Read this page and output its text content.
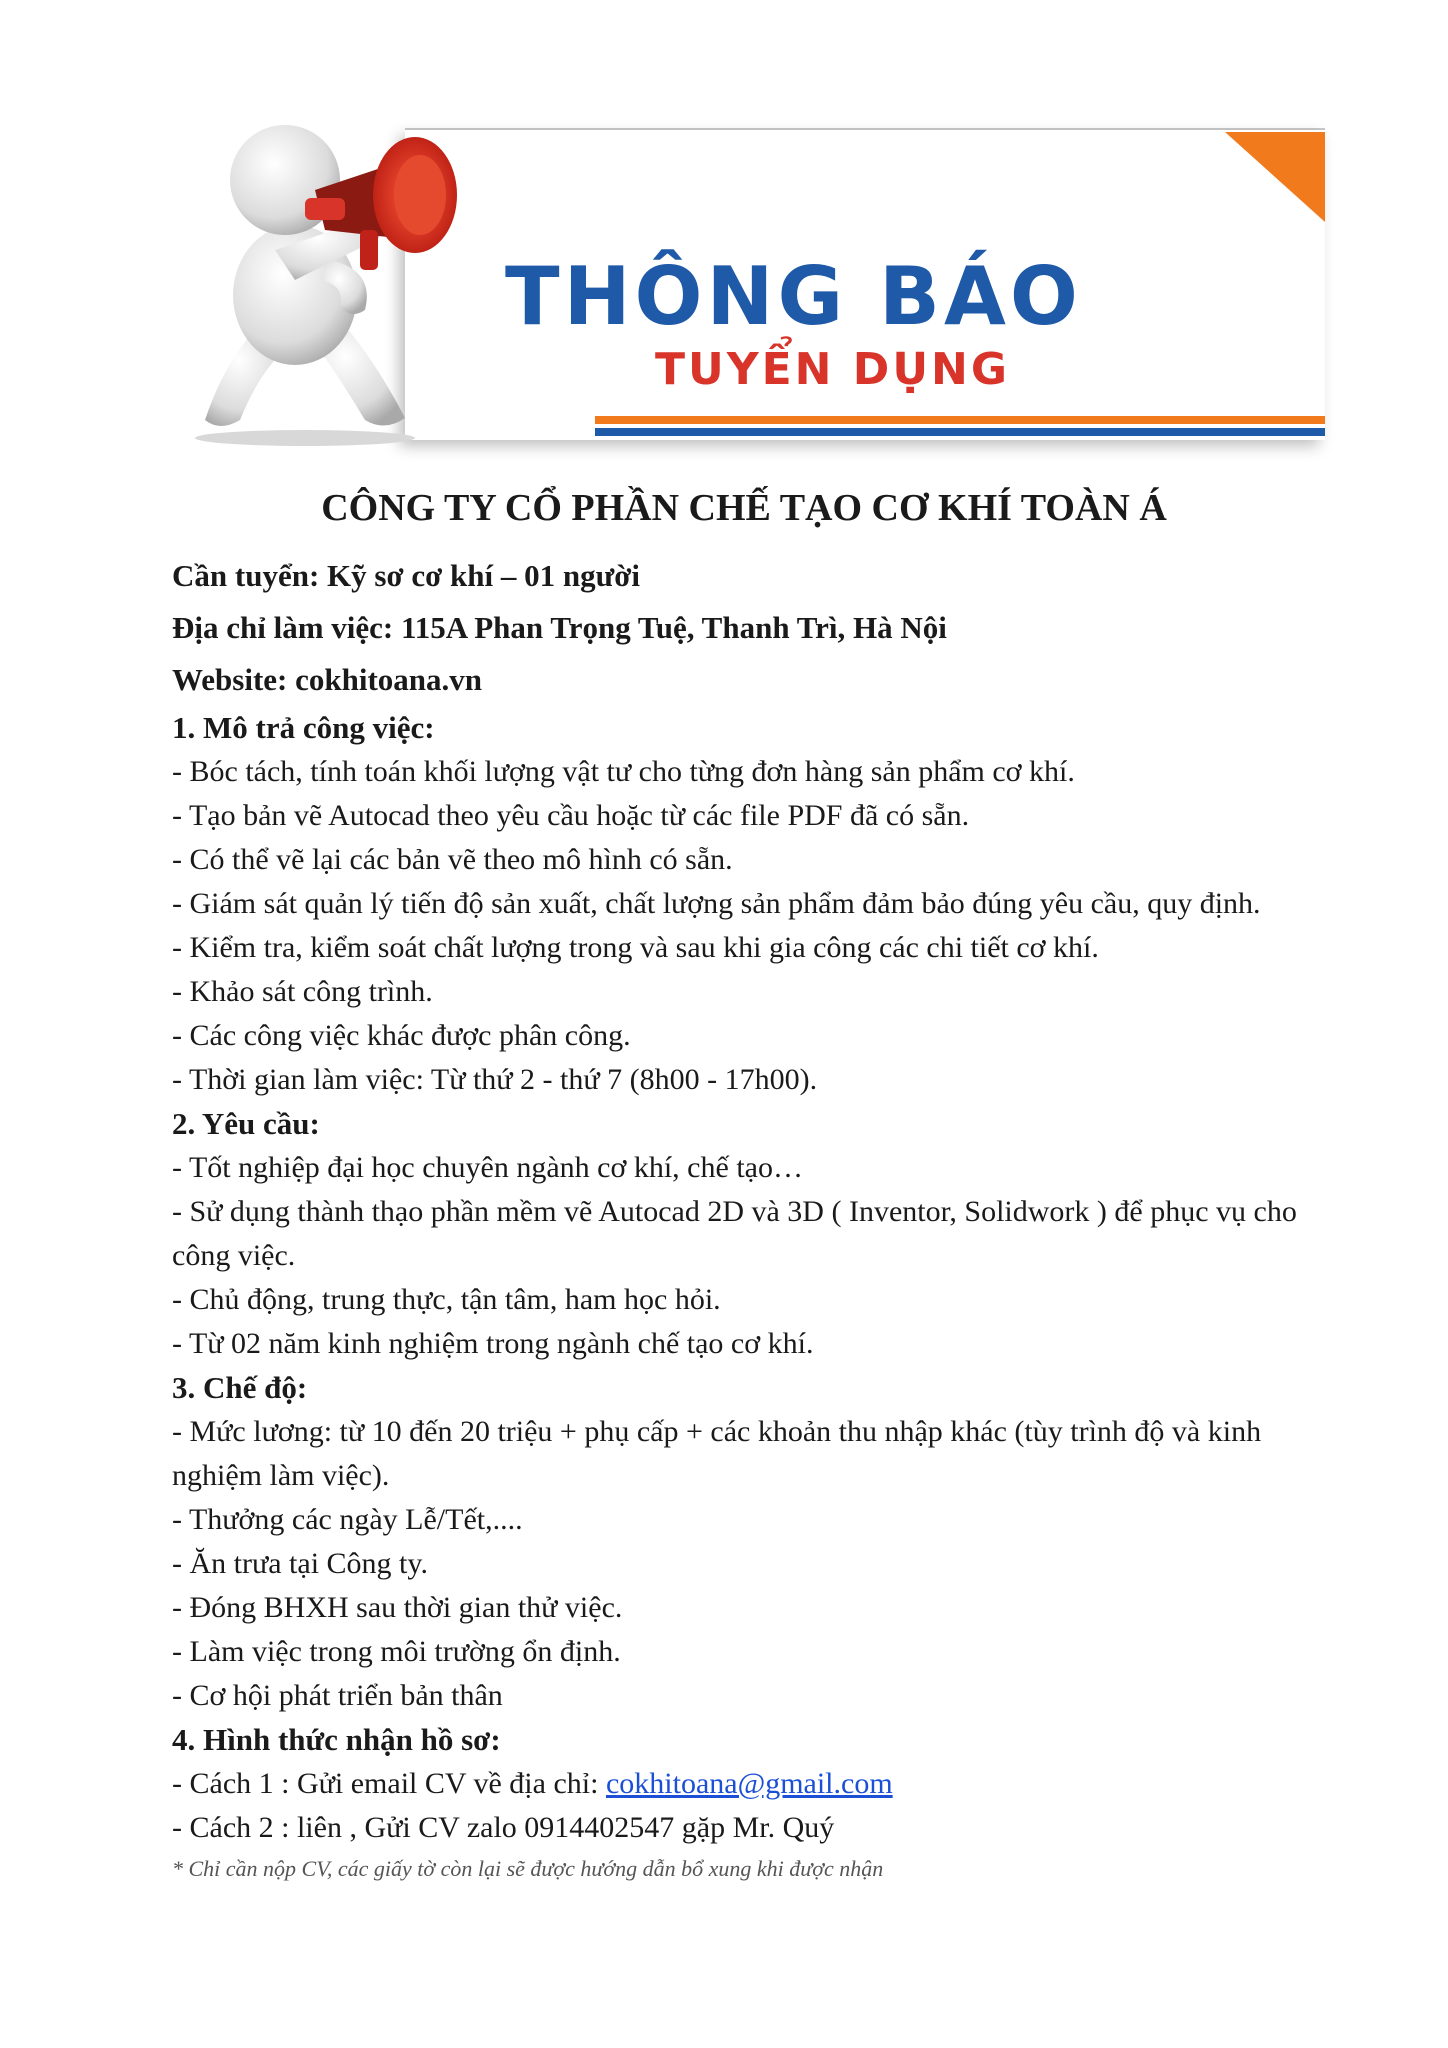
THÔNG BÁO
TUYỂN DỤNG
CÔNG TY CỔ PHẦN CHẾ TẠO CƠ KHÍ TOÀN Á

Cần tuyển: Kỹ sơ cơ khí – 01 người

Địa chỉ làm việc: 115A Phan Trọng Tuệ, Thanh Trì, Hà Nội

Website: cokhitoana.vn

1. Mô trả công việc:

- Bóc tách, tính toán khối lượng vật tư cho từng đơn hàng sản phẩm cơ khí.

- Tạo bản vẽ Autocad theo yêu cầu hoặc từ các file PDF đã có sẵn.

- Có thể vẽ lại các bản vẽ theo mô hình có sẵn.

- Giám sát quản lý tiến độ sản xuất, chất lượng sản phẩm đảm bảo đúng yêu cầu, quy định.

- Kiểm tra, kiểm soát chất lượng trong và sau khi gia công các chi tiết cơ khí.

- Khảo sát công trình.

- Các công việc khác được phân công.

- Thời gian làm việc: Từ thứ 2 - thứ 7 (8h00 - 17h00).

2. Yêu cầu:

- Tốt nghiệp đại học chuyên ngành cơ khí, chế tạo…

- Sử dụng thành thạo phần mềm vẽ Autocad 2D và 3D ( Inventor, Solidwork ) để phục vụ cho công việc.

- Chủ động, trung thực, tận tâm, ham học hỏi.

- Từ 02 năm kinh nghiệm trong ngành chế tạo cơ khí.

3. Chế độ:

- Mức lương: từ 10 đến 20 triệu + phụ cấp + các khoản thu nhập khác (tùy trình độ và kinh nghiệm làm việc).

- Thưởng các ngày Lễ/Tết,....

- Ăn trưa tại Công ty.

- Đóng BHXH sau thời gian thử việc.

- Làm việc trong môi trường ổn định.

- Cơ hội phát triển bản thân

4. Hình thức nhận hồ sơ:

- Cách 1 : Gửi email CV về địa chỉ: cokhitoana@gmail.com

- Cách 2 : liên , Gửi CV zalo 0914402547 gặp Mr. Quý

* Chỉ cần nộp CV, các giấy tờ còn lại sẽ được hướng dẫn bổ xung khi được nhận
